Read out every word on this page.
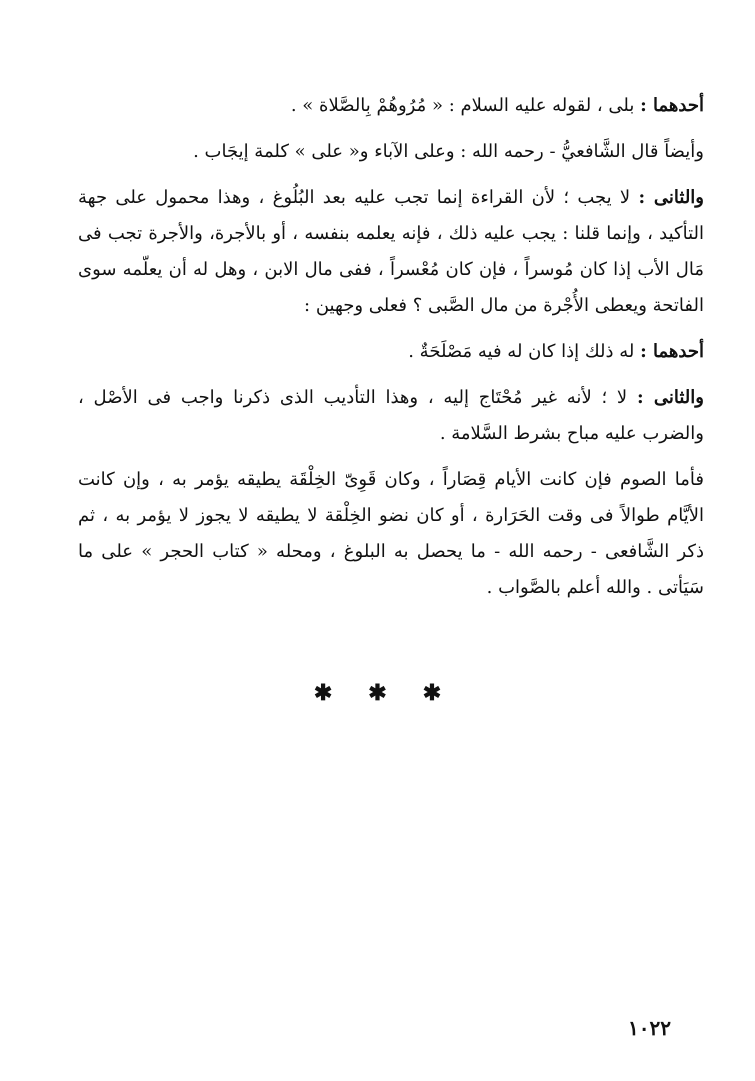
أحدهما : بلى ، لقوله عليه السلام : « مُرُوهُمْ بِالصَّلاة » .

وأيضاً قال الشَّافعيُّ - رحمه الله : وعلى الآباء و« على » كلمة إيجَاب .

والثانى : لا يجب ؛ لأن القراءة إنما تجب عليه بعد البُلُوغ ، وهذا محمول على جهة التأكيد ، وإنما قلنا : يجب عليه ذلك ، فإنه يعلمه بنفسه ، أو بالأجرة، والأجرة تجب فى مَال الأب إذا كان مُوسراً ، فإن كان مُعْسراً ، ففى مال الابن ، وهل له أن يعلّمه سوى الفاتحة ويعطى الأُجْرة من مال الصَّبى ؟ فعلى وجهين :

أحدهما : له ذلك إذا كان له فيه مَصْلَحَةٌ .

والثانى : لا ؛ لأنه غير مُحْتَاج إليه ، وهذا التأديب الذى ذكرنا واجب فى الأصْل ، والضرب عليه مباح بشرط السَّلامة .

فأما الصوم فإن كانت الأيام قِصَاراً ، وكان قَوِىّ الخِلْقَة يطيقه يؤمر به ، وإن كانت الأيَّام طوالاً فى وقت الحَرَارة ، أو كان نضو الخِلْقة لا يطيقه لا يجوز لا يؤمر به ، ثم ذكر الشَّافعى - رحمه الله - ما يحصل به البلوغ ، ومحله « كتاب الحجر » على ما سَيَأتى . والله أعلم بالصَّواب .

✱ ✱ ✱
١٠٢٢
